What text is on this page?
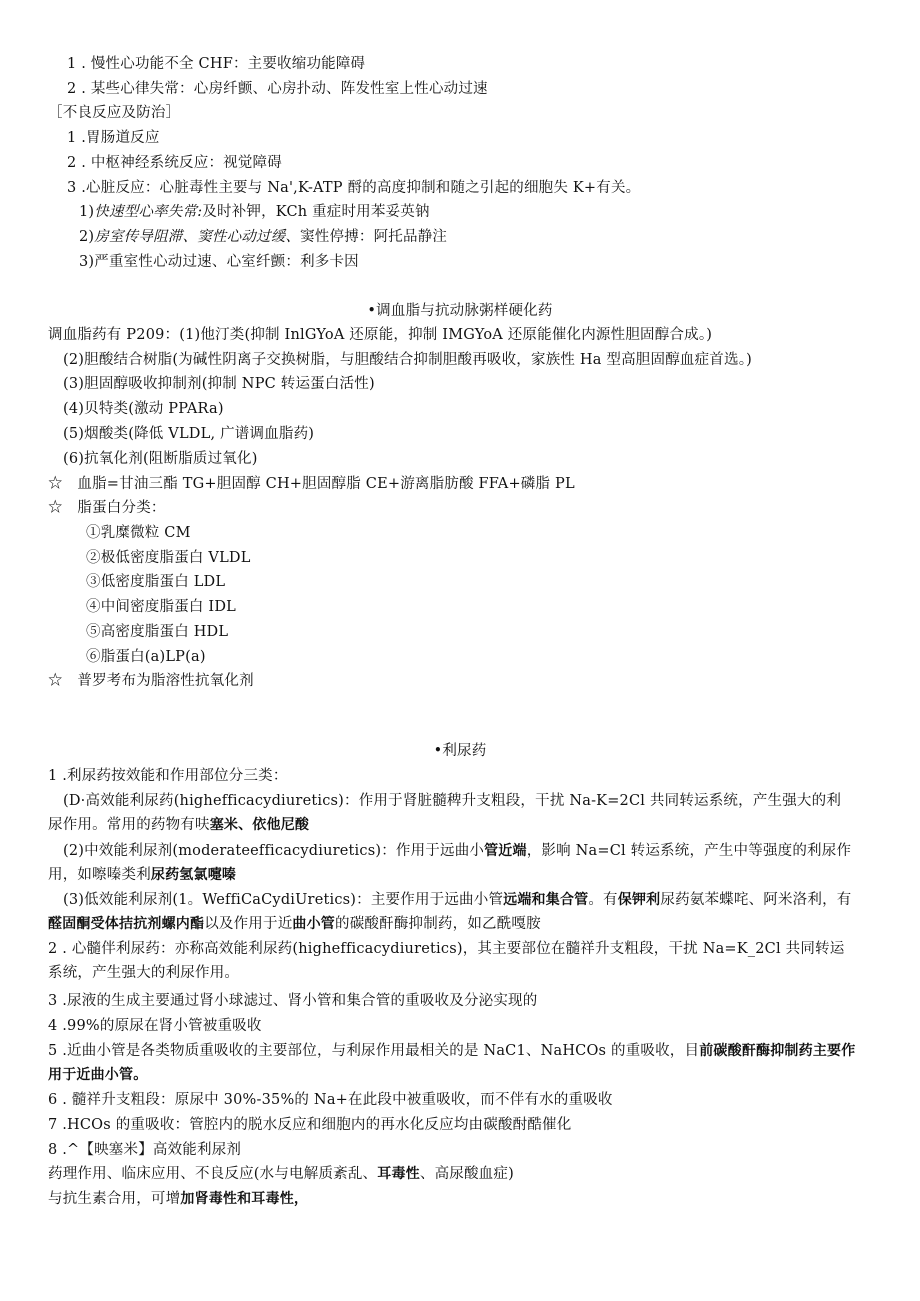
1 . 慢性心功能不全 CHF：主要收缩功能障碍
2 . 某些心律失常：心房纤颤、心房扑动、阵发性室上性心动过速
［不良反应及防治］
1 .胃肠道反应
2 . 中枢神经系统反应：视觉障碍
3 .心脏反应：心脏毒性主要与 Na',K-ATP 酹的高度抑制和随之引起的细胞失 K+有关。
1)快速型心率失常:及时补钾，KCh 重症时用苯妥英钠
2)房室传导阻滞、窦性心动过缓、窦性停搏：阿托品静注
3)严重室性心动过速、心室纤颤：利多卡因
•调血脂与抗动脉粥样硬化药
调血脂药有 P209：(1)他汀类(抑制 InlGYoA 还原能，抑制 IMGYoA 还原能催化内源性胆固醇合成。)
(2)胆酸结合树脂(为碱性阴离子交换树脂，与胆酸结合抑制胆酸再吸收，家族性 Ha 型高胆固醇血症首选。)
(3)胆固醇吸收抑制剂(抑制 NPC 转运蛋白活性)
(4)贝特类(激动 PPARa)
(5)烟酸类(降低 VLDL, 广谱调血脂药)
(6)抗氧化剂(阻断脂质过氧化)
☆　血脂=甘油三酯 TG+胆固醇 CH+胆固醇脂 CE+游离脂肪酸 FFA+磷脂 PL
☆　脂蛋白分类：
①乳糜微粒 CM
②极低密度脂蛋白 VLDL
③低密度脂蛋白 LDL
④中间密度脂蛋白 IDL
⑤高密度脂蛋白 HDL
⑥脂蛋白(a)LP(a)
☆　普罗考布为脂溶性抗氧化剂
•利尿药
1 .利尿药按效能和作用部位分三类：
(D·高效能利尿药(highefficacydiuretics)：作用于肾脏髓稗升支粗段，干扰 Na-K=2Cl 共同转运系统，产生强大的利尿作用。常用的药物有呋塞米、依他尼酸
(2)中效能利尿剂(moderateefficacydiuretics)：作用于远曲小管近端，影响 Na=Cl 转运系统，产生中等强度的利尿作用，如嚓嗪类利尿药氢氯嚏嗪
(3)低效能利尿剂(1。WeffiCaCydiUretics)：主要作用于远曲小管远端和集合管。有保钾利尿药氨苯蝶咤、阿米洛利，有醛固酮受体拮抗剂螺内酯以及作用于近曲小管的碳酸酐酶抑制药，如乙酰嘎胺
2 . 心髓伴利尿药：亦称高效能利尿药(highefficacydiuretics)，其主要部位在髓祥升支粗段，干扰 Na=K_2Cl 共同转运系统，产生强大的利尿作用。
3 .尿液的生成主要通过肾小球滤过、肾小管和集合管的重吸收及分泌实现的
4 .99%的原尿在肾小管被重吸收
5 .近曲小管是各类物质重吸收的主要部位，与利尿作用最相关的是 NaC1、NaHCOs 的重吸收，目前碳酸酐酶抑制药主要作用于近曲小管。
6 . 髓祥升支粗段：原尿中 30%-35%的 Na+在此段中被重吸收，而不伴有水的重吸收
7 .HCOs 的重吸收：管腔内的脱水反应和细胞内的再水化反应均由碳酸酎酷催化
8 .^【映塞米】高效能利尿剂
药理作用、临床应用、不良反应(水与电解质紊乱、耳毒性、高尿酸血症)
与抗生素合用，可增加肾毒性和耳毒性，
